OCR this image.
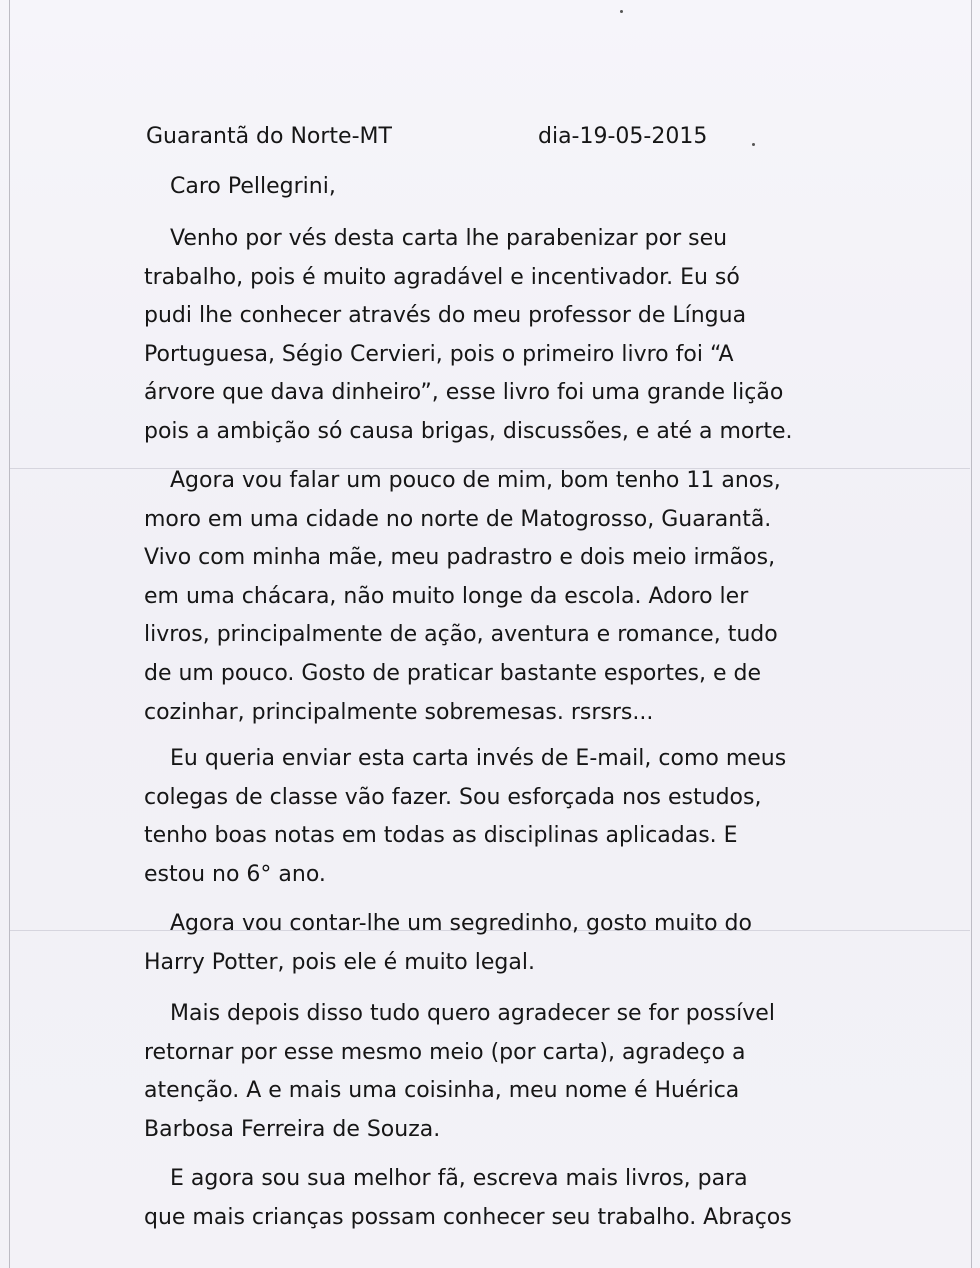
Guarantã do Norte-MT	dia-19-05-2015
Caro Pellegrini,
Venho por vés desta carta lhe parabenizar por seu
trabalho, pois é muito agradável e incentivador. Eu só
pudi lhe conhecer através do meu professor de Língua
Portuguesa, Ségio Cervieri, pois o primeiro livro foi “A
árvore que dava dinheiro”, esse livro foi uma grande lição
pois a ambição só causa brigas, discussões, e até a morte.
Agora vou falar um pouco de mim, bom tenho 11 anos,
moro em uma cidade no norte de Matogrosso, Guarantã.
Vivo com minha mãe, meu padrastro e dois meio irmãos,
em uma chácara, não muito longe da escola. Adoro ler
livros, principalmente de ação, aventura e romance, tudo
de um pouco. Gosto de praticar bastante esportes, e de
cozinhar, principalmente sobremesas. rsrsrs...
Eu queria enviar esta carta invés de E-mail, como meus
colegas de classe vão fazer. Sou esforçada nos estudos,
tenho boas notas em todas as disciplinas aplicadas. E
estou no 6° ano.
Agora vou contar-lhe um segredinho, gosto muito do
Harry Potter, pois ele é muito legal.
Mais depois disso tudo quero agradecer se for possível
retornar por esse mesmo meio (por carta), agradeço a
atenção. A e mais uma coisinha, meu nome é Huérica
Barbosa Ferreira de Souza.
E agora sou sua melhor fã, escreva mais livros, para
que mais crianças possam conhecer seu trabalho. Abraços
